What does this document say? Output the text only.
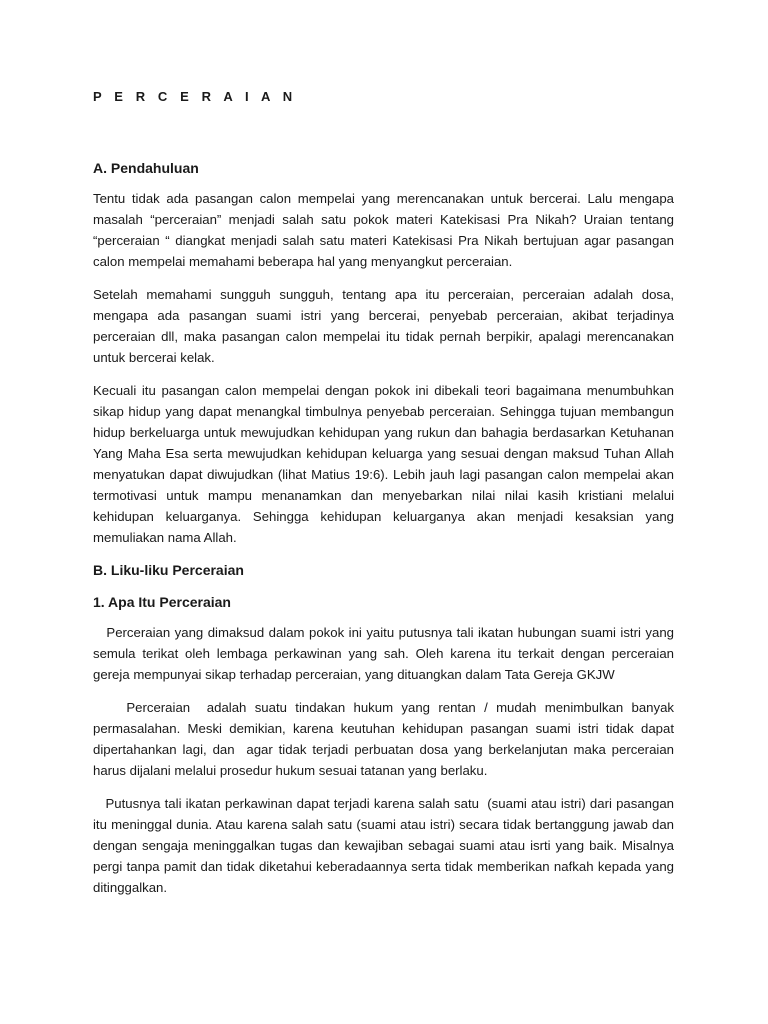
P E R C E R A I A N
A. Pendahuluan

Tentu tidak ada pasangan calon mempelai yang merencanakan untuk bercerai. Lalu mengapa masalah “perceraian” menjadi salah satu pokok materi Katekisasi Pra Nikah? Uraian tentang “perceraian “ diangkat menjadi salah satu materi Katekisasi Pra Nikah bertujuan agar pasangan calon mempelai memahami beberapa hal yang menyangkut perceraian.

Setelah memahami sungguh sungguh, tentang apa itu perceraian, perceraian adalah dosa, mengapa ada pasangan suami istri yang bercerai, penyebab perceraian, akibat terjadinya perceraian dll, maka pasangan calon mempelai itu tidak pernah berpikir, apalagi merencanakan untuk bercerai kelak.

Kecuali itu pasangan calon mempelai dengan pokok ini dibekali teori bagaimana menumbuhkan sikap hidup yang dapat menangkal timbulnya penyebab perceraian. Sehingga tujuan membangun hidup berkeluarga untuk mewujudkan kehidupan yang rukun dan bahagia berdasarkan Ketuhanan Yang Maha Esa serta mewujudkan kehidupan keluarga yang sesuai dengan maksud Tuhan Allah menyatukan dapat diwujudkan (lihat Matius 19:6). Lebih jauh lagi pasangan calon mempelai akan termotivasi untuk mampu menanamkan dan menyebarkan nilai nilai kasih kristiani melalui kehidupan keluarganya. Sehingga kehidupan keluarganya akan menjadi kesaksian yang memuliakan nama Allah.

B. Liku-liku Perceraian
1. Apa Itu Perceraian

Perceraian yang dimaksud dalam pokok ini yaitu putusnya tali ikatan hubungan suami istri yang semula terikat oleh lembaga perkawinan yang sah. Oleh karena itu terkait dengan perceraian gereja mempunyai sikap terhadap perceraian, yang dituangkan dalam Tata Gereja GKJW

Perceraian  adalah suatu tindakan hukum yang rentan / mudah menimbulkan banyak permasalahan. Meski demikian, karena keutuhan kehidupan pasangan suami istri tidak dapat dipertahankan lagi, dan  agar tidak terjadi perbuatan dosa yang berkelanjutan maka perceraian harus dijalani melalui prosedur hukum sesuai tatanan yang berlaku.

Putusnya tali ikatan perkawinan dapat terjadi karena salah satu  (suami atau istri) dari pasangan itu meninggal dunia. Atau karena salah satu (suami atau istri) secara tidak bertanggung jawab dan dengan sengaja meninggalkan tugas dan kewajiban sebagai suami atau isrti yang baik. Misalnya pergi tanpa pamit dan tidak diketahui keberadaannya serta tidak memberikan nafkah kepada yang ditinggalkan.
